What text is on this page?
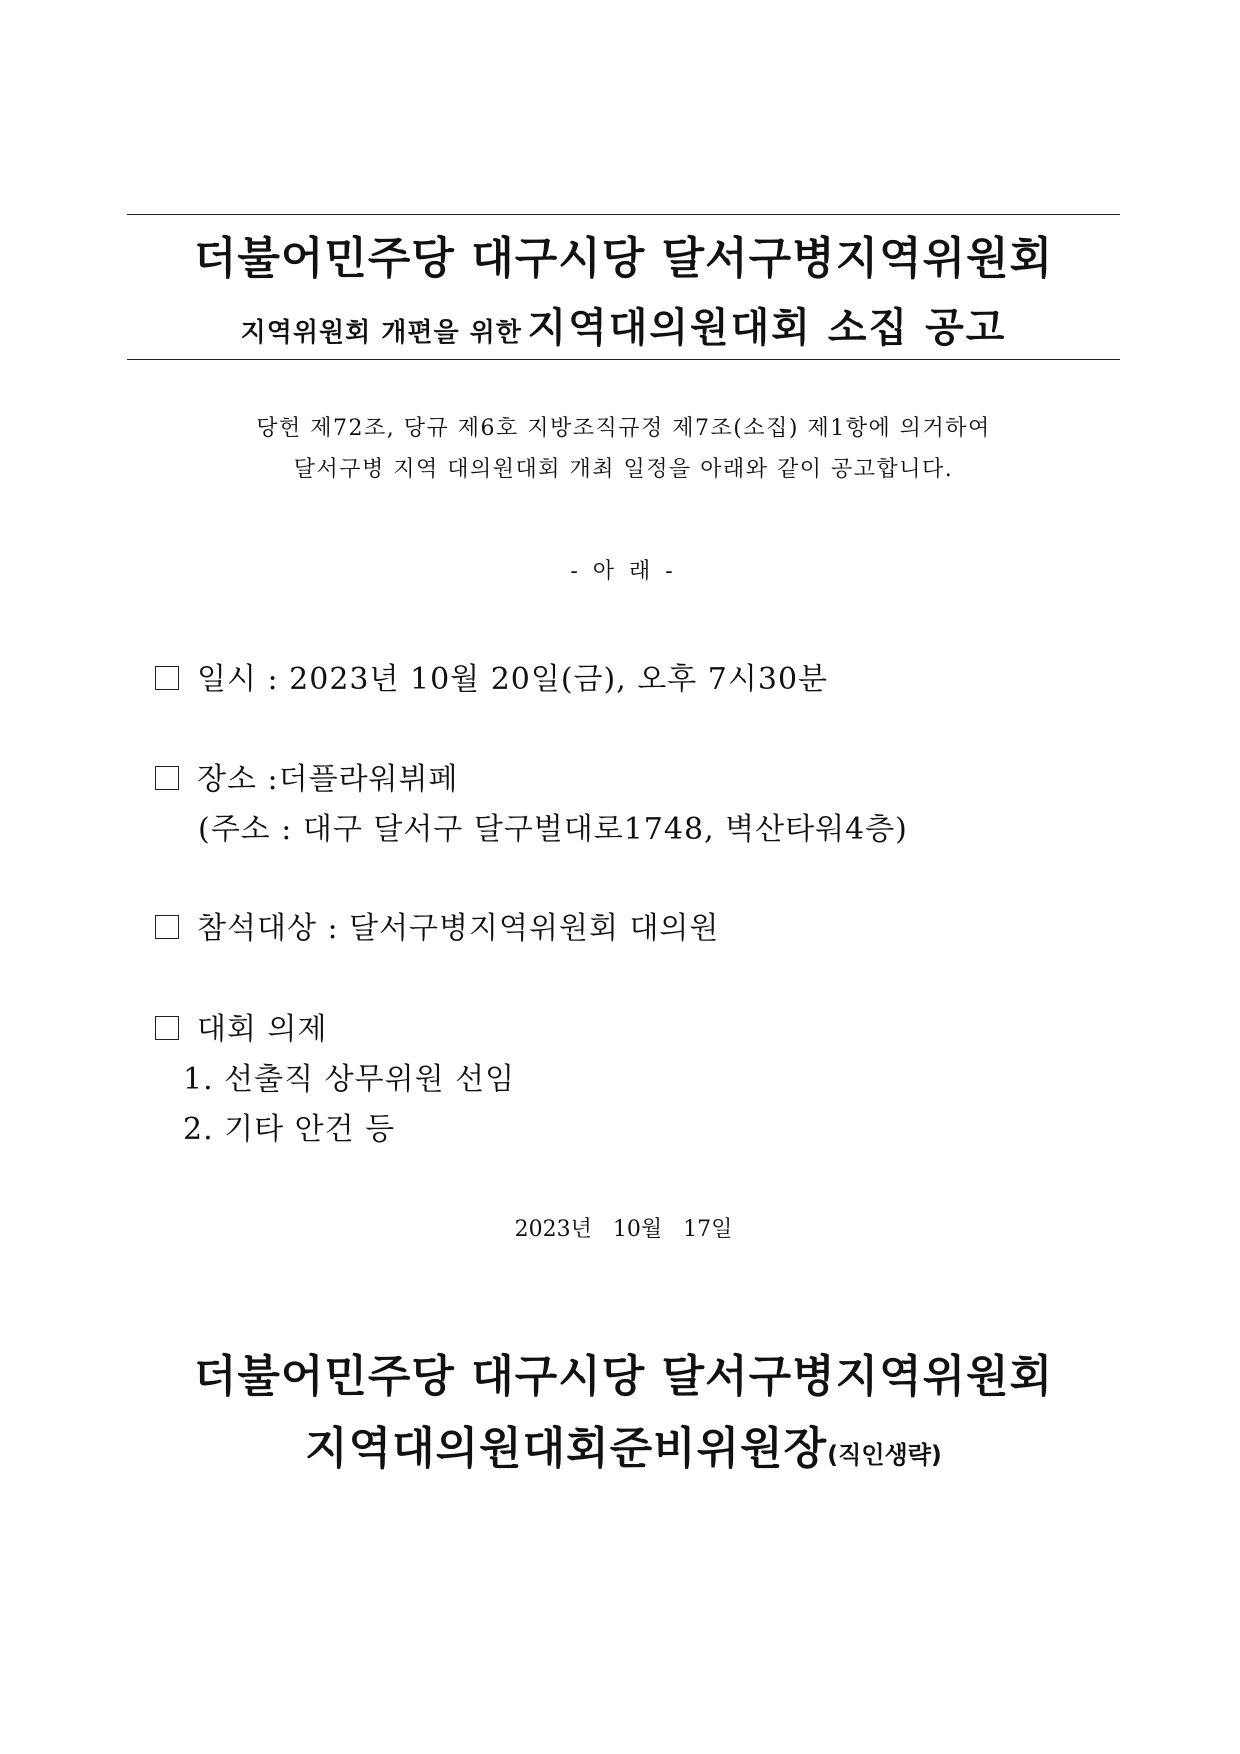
더불어민주당 대구시당 달서구병지역위원회
지역위원회 개편을 위한 지역대의원대회 소집 공고
당헌 제72조, 당규 제6호 지방조직규정 제7조(소집) 제1항에 의거하여
달서구병 지역 대의원대회 개최 일정을 아래와 같이 공고합니다.
- 아 래 -
일시 : 2023년 10월 20일(금), 오후 7시30분
장소 :더플라워뷔페
(주소 : 대구 달서구 달구벌대로1748, 벽산타워4층)
참석대상 : 달서구병지역위원회 대의원
대회 의제
1. 선출직 상무위원 선임
2. 기타 안건 등
2023년   10월   17일
더불어민주당 대구시당 달서구병지역위원회
지역대의원대회준비위원장(직인생략)
